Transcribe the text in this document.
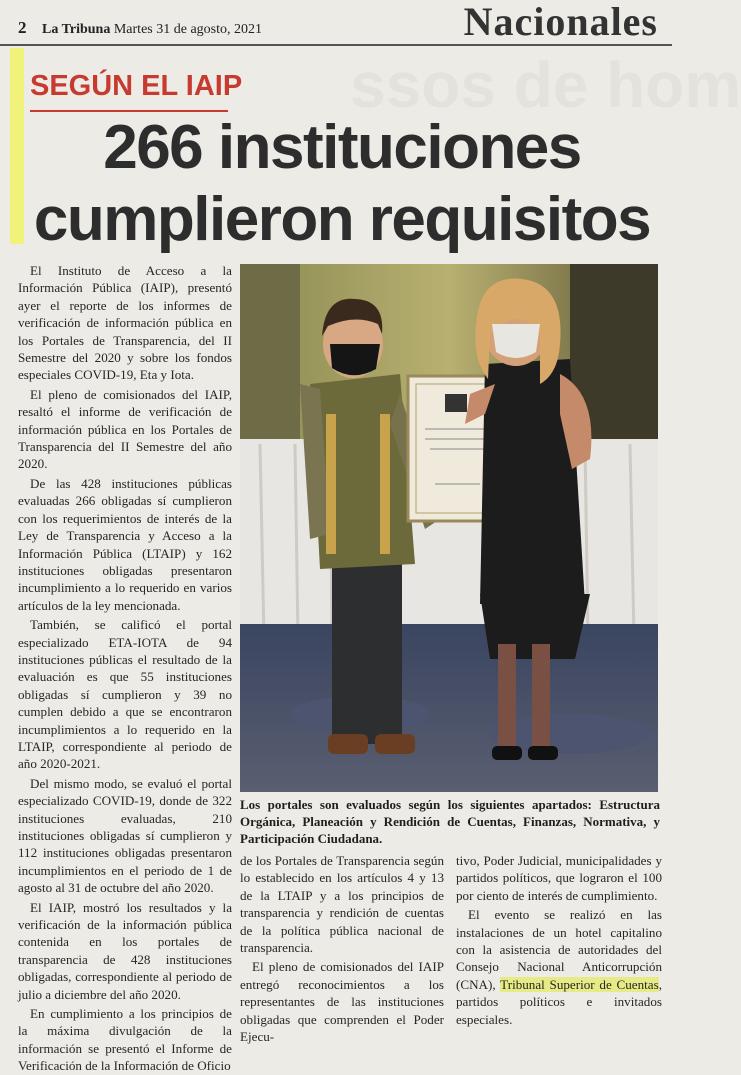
2 La Tribuna Martes 31 de agosto, 2021	Nacionales
ssos de hom
SEGÚN EL IAIP
266 instituciones
cumplieron requisitos

El Instituto de Acceso a la Información Pública (IAIP), presentó ayer el reporte de los informes de verificación de información pública en los Portales de Transparencia, del II Semestre del 2020 y sobre los fondos especiales COVID-19, Eta y Iota.

El pleno de comisionados del IAIP, resaltó el informe de verificación de información pública en los Portales de Transparencia del II Semestre del año 2020.

De las 428 instituciones públicas evaluadas 266 obligadas sí cumplieron con los requerimientos de interés de la Ley de Transparencia y Acceso a la Información Pública (LTAIP) y 162 instituciones obligadas presentaron incumplimiento a lo requerido en varios artículos de la ley mencionada.

También, se calificó el portal especializado ETA-IOTA de 94 instituciones públicas el resultado de la evaluación es que 55 instituciones obligadas sí cumplieron y 39 no cumplen debido a que se encontraron incumplimientos a lo requerido en la LTAIP, correspondiente al periodo de año 2020-2021.

Del mismo modo, se evaluó el portal especializado COVID-19, donde de 322 instituciones evaluadas, 210 instituciones obligadas sí cumplieron y 112 instituciones obligadas presentaron incumplimientos en el periodo de 1 de agosto al 31 de octubre del año 2020.

El IAIP, mostró los resultados y la verificación de la información pública contenida en los portales de transparencia de 428 instituciones obligadas, correspondiente al periodo de julio a diciembre del año 2020.

En cumplimiento a los principios de la máxima divulgación de la información se presentó el Informe de Verificación de la Información de Oficio

Los portales son evaluados según los siguientes apartados: Estructura Orgánica, Planeación y Rendición de Cuentas, Finanzas, Normativa, y Participación Ciudadana.

de los Portales de Transparencia según lo establecido en los artículos 4 y 13 de la LTAIP y a los principios de transparencia y rendición de cuentas de la política pública nacional de transparencia.

El pleno de comisionados del IAIP entregó reconocimientos a los representantes de las instituciones obligadas que comprenden el Poder Ejecu-

tivo, Poder Judicial, municipalidades y partidos políticos, que lograron el 100 por ciento de interés de cumplimiento.

El evento se realizó en las instalaciones de un hotel capitalino con la asistencia de autoridades del Consejo Nacional Anticorrupción (CNA), Tribunal Superior de Cuentas, partidos políticos e invitados especiales.
